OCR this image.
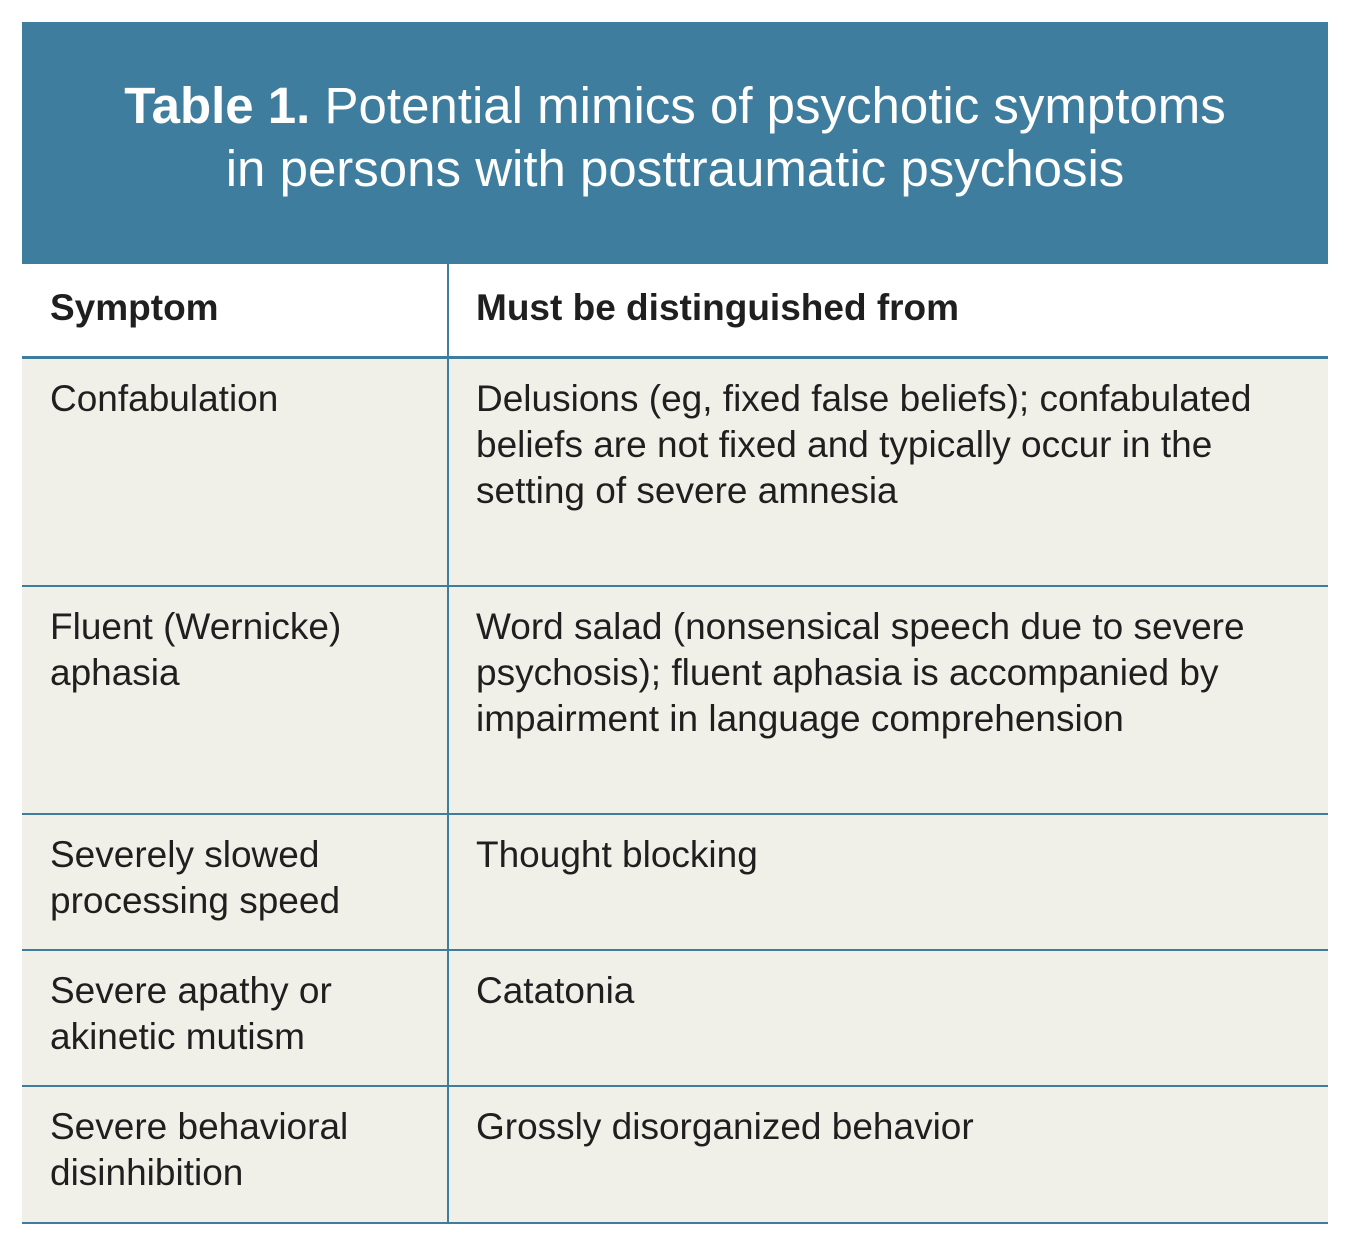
Table 1. Potential mimics of psychotic symptoms in persons with posttraumatic psychosis
Symptom	Must be distinguished from
Confabulation	Delusions (eg, fixed false beliefs); confabulated beliefs are not fixed and typically occur in the setting of severe amnesia
Fluent (Wernicke) aphasia
Word salad (nonsensical speech due to severe psychosis); fluent aphasia is accompanied by impairment in language comprehension
Severely slowed processing speed
Thought blocking
Severe apathy or akinetic mutism
Catatonia
Severe behavioral disinhibition
Grossly disorganized behavior
